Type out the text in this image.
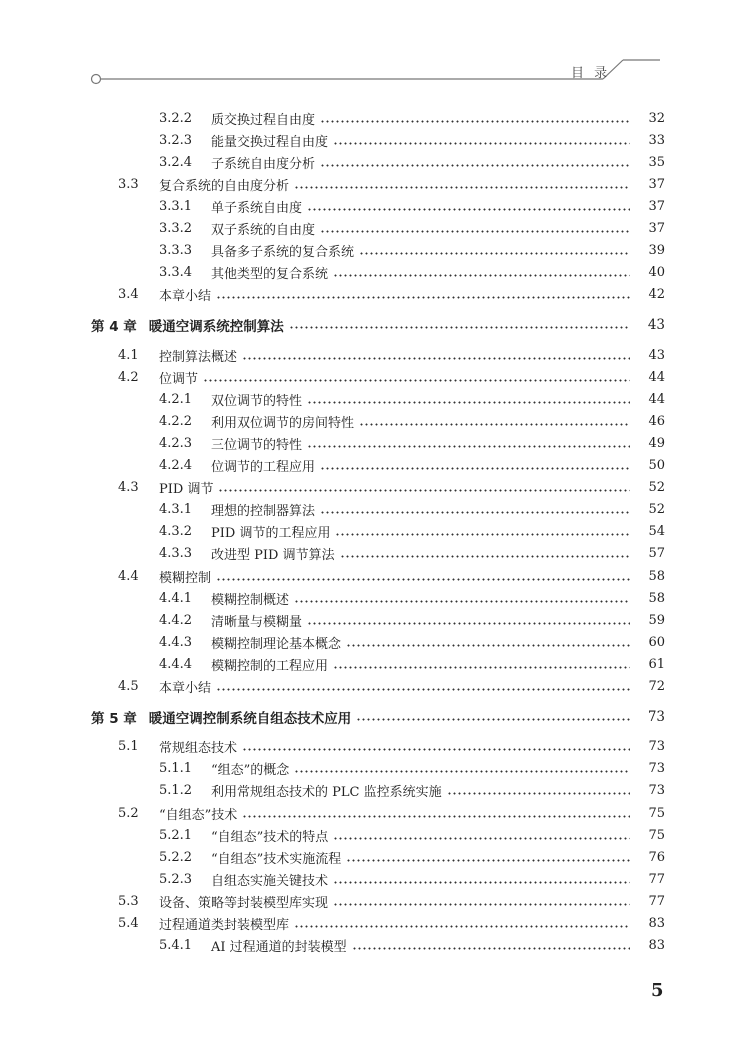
目 录
3.2.2	质交换过程自由度	32
3.2.3	能量交换过程自由度	33
3.2.4	子系统自由度分析	35
3.3	复合系统的自由度分析	37
3.3.1	单子系统自由度	37
3.3.2	双子系统的自由度	37
3.3.3	具备多子系统的复合系统	39
3.3.4	其他类型的复合系统	40
3.4	本章小结	42
第 4 章 暖通空调系统控制算法	43
4.1	控制算法概述	43
4.2	位调节	44
4.2.1	双位调节的特性	44
4.2.2	利用双位调节的房间特性	46
4.2.3	三位调节的特性	49
4.2.4	位调节的工程应用	50
4.3	PID 调节	52
4.3.1	理想的控制器算法	52
4.3.2	PID 调节的工程应用	54
4.3.3	改进型 PID 调节算法	57
4.4	模糊控制	58
4.4.1	模糊控制概述	58
4.4.2	清晰量与模糊量	59
4.4.3	模糊控制理论基本概念	60
4.4.4	模糊控制的工程应用	61
4.5	本章小结	72
第 5 章 暖通空调控制系统自组态技术应用	73
5.1	常规组态技术	73
5.1.1	“组态”的概念	73
5.1.2	利用常规组态技术的 PLC 监控系统实施	73
5.2	“自组态”技术	75
5.2.1	“自组态”技术的特点	75
5.2.2	“自组态”技术实施流程	76
5.2.3	自组态实施关键技术	77
5.3	设备、策略等封装模型库实现	77
5.4	过程通道类封装模型库	83
5.4.1	AI 过程通道的封装模型	83
5
